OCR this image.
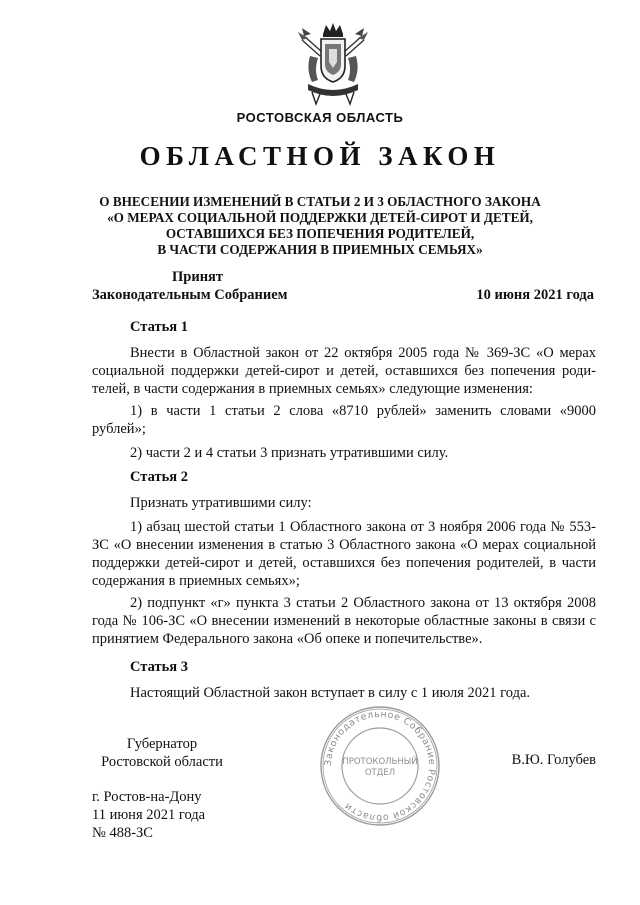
РОСТОВСКАЯ ОБЛАСТЬ
ОБЛАСТНОЙ ЗАКОН
О ВНЕСЕНИИ ИЗМЕНЕНИЙ В СТАТЬИ 2 И 3 ОБЛАСТНОГО ЗАКОНА
«О МЕРАХ СОЦИАЛЬНОЙ ПОДДЕРЖКИ ДЕТЕЙ-СИРОТ И ДЕТЕЙ,
ОСТАВШИХСЯ БЕЗ ПОПЕЧЕНИЯ РОДИТЕЛЕЙ,
В ЧАСТИ СОДЕРЖАНИЯ В ПРИЕМНЫХ СЕМЬЯХ»
Принят
Законодательным Собранием	10 июня 2021 года
Статья 1
Внести в Областной закон от 22 октября 2005 года № 369-ЗС «О мерах социальной поддержки детей-сирот и детей, оставшихся без попечения роди-телей, в части содержания в приемных семьях» следующие изменения:
1) в части 1 статьи 2 слова «8710 рублей» заменить словами «9000 рублей»;
2) части 2 и 4 статьи 3 признать утратившими силу.
Статья 2
Признать утратившими силу:
1) абзац шестой статьи 1 Областного закона от 3 ноября 2006 года № 553-ЗС «О внесении изменения в статью 3 Областного закона «О мерах социальной поддержки детей-сирот и детей, оставшихся без попечения родителей, в части содержания в приемных семьях»;
2) подпункт «г» пункта 3 статьи 2 Областного закона от 13 октября 2008 года № 106-ЗС «О внесении изменений в некоторые областные законы в связи с принятием Федерального закона «Об опеке и попечительстве».
Статья 3
Настоящий Областной закон вступает в силу с 1 июля 2021 года.
Губернатор
Ростовской области	В.Ю. Голубев
Законодательное Собрание Ростовской области
ПРОТОКОЛЬНЫЙ
ОТДЕЛ
г. Ростов-на-Дону
11 июня 2021 года
№ 488-ЗС
